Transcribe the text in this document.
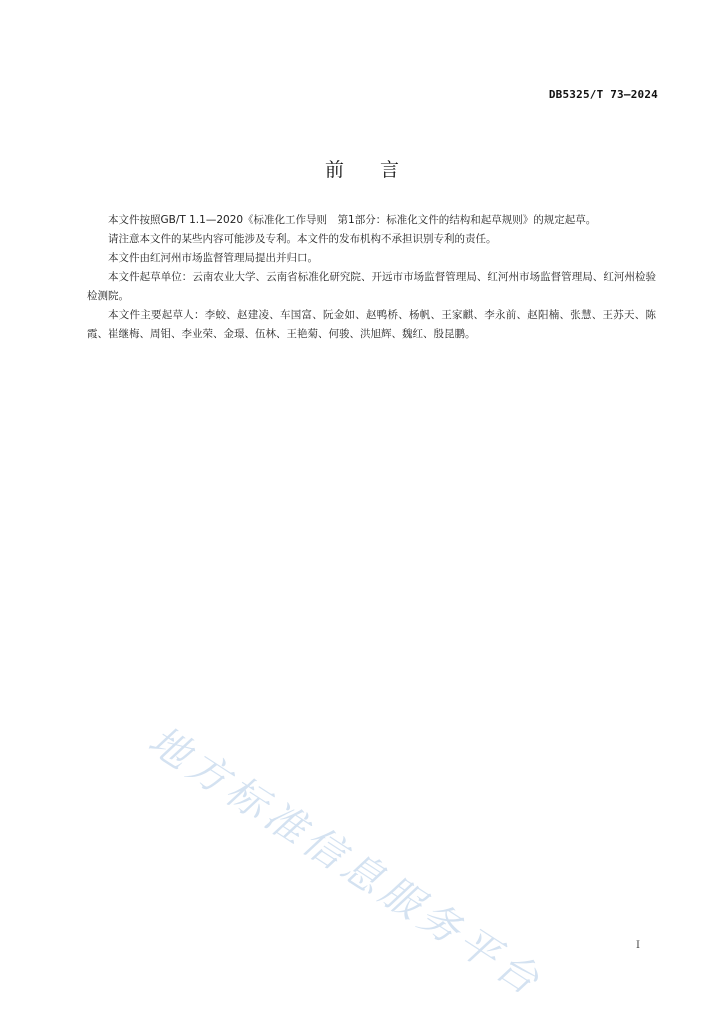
DB5325/T 73—2024
前言

本文件按照GB/T 1.1—2020《标准化工作导则　第1部分：标准化文件的结构和起草规则》的规定起草。

请注意本文件的某些内容可能涉及专利。本文件的发布机构不承担识别专利的责任。

本文件由红河州市场监督管理局提出并归口。

本文件起草单位：云南农业大学、云南省标准化研究院、开远市市场监督管理局、红河州市场监督管理局、红河州检验检测院。

本文件主要起草人：李蛟、赵建凌、车国富、阮金如、赵鸭桥、杨帆、王家麒、李永前、赵阳楠、张慧、王苏天、陈霞、崔继梅、周钼、李业荣、金璟、伍林、王艳菊、何骏、洪旭辉、魏红、殷昆鹏。

地方标准信息服务平台	I
